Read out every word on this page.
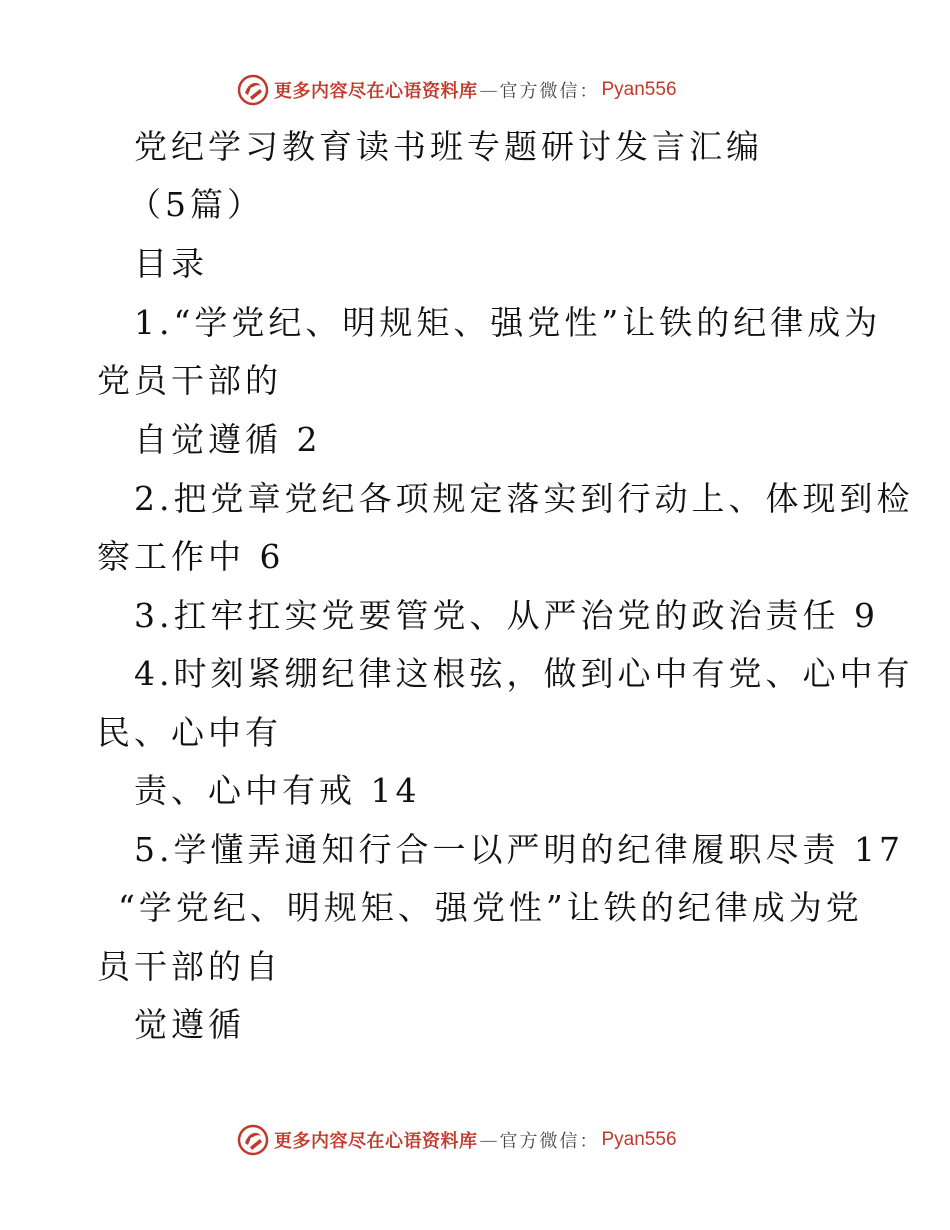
更多内容尽在心语资料库 — 官方微信： Pyan556
党纪学习教育读书班专题研讨发言汇编
（5篇）
目录
1.“学党纪、明规矩、强党性”让铁的纪律成为
党员干部的
自觉遵循 2
2.把党章党纪各项规定落实到行动上、体现到检
察工作中 6
3.扛牢扛实党要管党、从严治党的政治责任 9
4.时刻紧绷纪律这根弦，做到心中有党、心中有
民、心中有
责、心中有戒 14
5.学懂弄通知行合一以严明的纪律履职尽责 17
“学党纪、明规矩、强党性”让铁的纪律成为党
员干部的自
觉遵循
更多内容尽在心语资料库 — 官方微信： Pyan556
